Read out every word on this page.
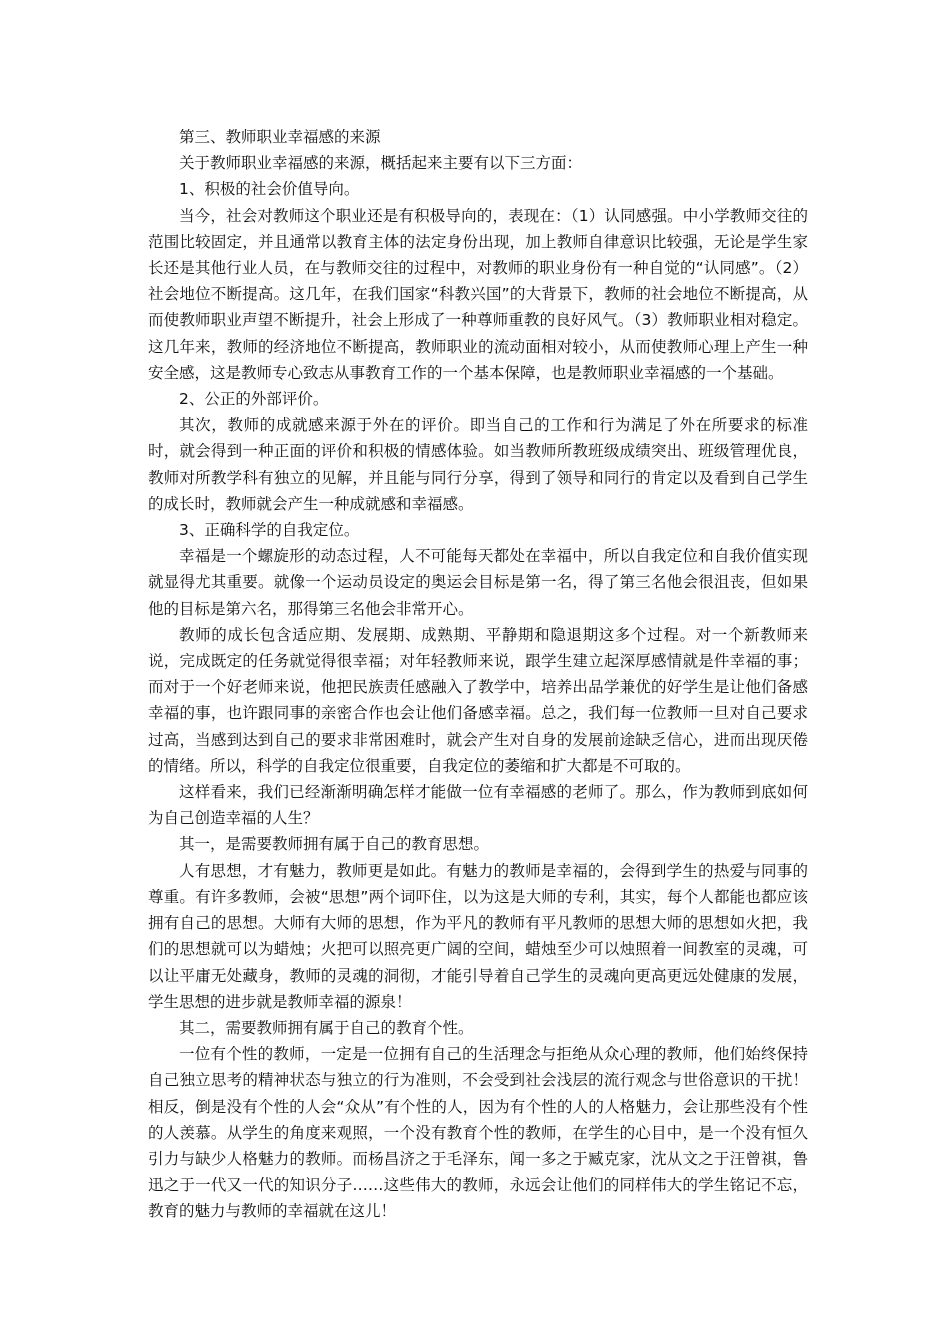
第三、教师职业幸福感的来源

关于教师职业幸福感的来源，概括起来主要有以下三方面：

1、积极的社会价值导向。

当今，社会对教师这个职业还是有积极导向的，表现在：（1）认同感强。中小学教师交往的范围比较固定，并且通常以教育主体的法定身份出现，加上教师自律意识比较强，无论是学生家长还是其他行业人员，在与教师交往的过程中，对教师的职业身份有一种自觉的“认同感”。（2）社会地位不断提高。这几年，在我们国家“科教兴国”的大背景下，教师的社会地位不断提高，从而使教师职业声望不断提升，社会上形成了一种尊师重教的良好风气。（3）教师职业相对稳定。这几年来，教师的经济地位不断提高，教师职业的流动面相对较小，从而使教师心理上产生一种安全感，这是教师专心致志从事教育工作的一个基本保障，也是教师职业幸福感的一个基础。

2、公正的外部评价。

其次，教师的成就感来源于外在的评价。即当自己的工作和行为满足了外在所要求的标准时，就会得到一种正面的评价和积极的情感体验。如当教师所教班级成绩突出、班级管理优良，教师对所教学科有独立的见解，并且能与同行分享，得到了领导和同行的肯定以及看到自己学生的成长时，教师就会产生一种成就感和幸福感。

3、正确科学的自我定位。

幸福是一个螺旋形的动态过程，人不可能每天都处在幸福中，所以自我定位和自我价值实现就显得尤其重要。就像一个运动员设定的奥运会目标是第一名，得了第三名他会很沮丧，但如果他的目标是第六名，那得第三名他会非常开心。

教师的成长包含适应期、发展期、成熟期、平静期和隐退期这多个过程。对一个新教师来说，完成既定的任务就觉得很幸福；对年轻教师来说，跟学生建立起深厚感情就是件幸福的事；而对于一个好老师来说，他把民族责任感融入了教学中，培养出品学兼优的好学生是让他们备感幸福的事，也许跟同事的亲密合作也会让他们备感幸福。总之，我们每一位教师一旦对自己要求过高，当感到达到自己的要求非常困难时，就会产生对自身的发展前途缺乏信心，进而出现厌倦的情绪。所以，科学的自我定位很重要，自我定位的萎缩和扩大都是不可取的。

这样看来，我们已经渐渐明确怎样才能做一位有幸福感的老师了。那么，作为教师到底如何为自己创造幸福的人生？

其一，是需要教师拥有属于自己的教育思想。

人有思想，才有魅力，教师更是如此。有魅力的教师是幸福的，会得到学生的热爱与同事的尊重。有许多教师，会被“思想”两个词吓住，以为这是大师的专利，其实，每个人都能也都应该拥有自己的思想。大师有大师的思想，作为平凡的教师有平凡教师的思想大师的思想如火把，我们的思想就可以为蜡烛；火把可以照亮更广阔的空间，蜡烛至少可以烛照着一间教室的灵魂，可以让平庸无处藏身，教师的灵魂的洞彻，才能引导着自己学生的灵魂向更高更远处健康的发展，学生思想的进步就是教师幸福的源泉！

其二，需要教师拥有属于自己的教育个性。

一位有个性的教师，一定是一位拥有自己的生活理念与拒绝从众心理的教师，他们始终保持自己独立思考的精神状态与独立的行为准则，不会受到社会浅层的流行观念与世俗意识的干扰！相反，倒是没有个性的人会“众从”有个性的人，因为有个性的人的人格魅力，会让那些没有个性的人羡慕。从学生的角度来观照，一个没有教育个性的教师，在学生的心目中，是一个没有恒久引力与缺少人格魅力的教师。而杨昌济之于毛泽东，闻一多之于臧克家，沈从文之于汪曾祺，鲁迅之于一代又一代的知识分子……这些伟大的教师，永远会让他们的同样伟大的学生铭记不忘，教育的魅力与教师的幸福就在这儿！
